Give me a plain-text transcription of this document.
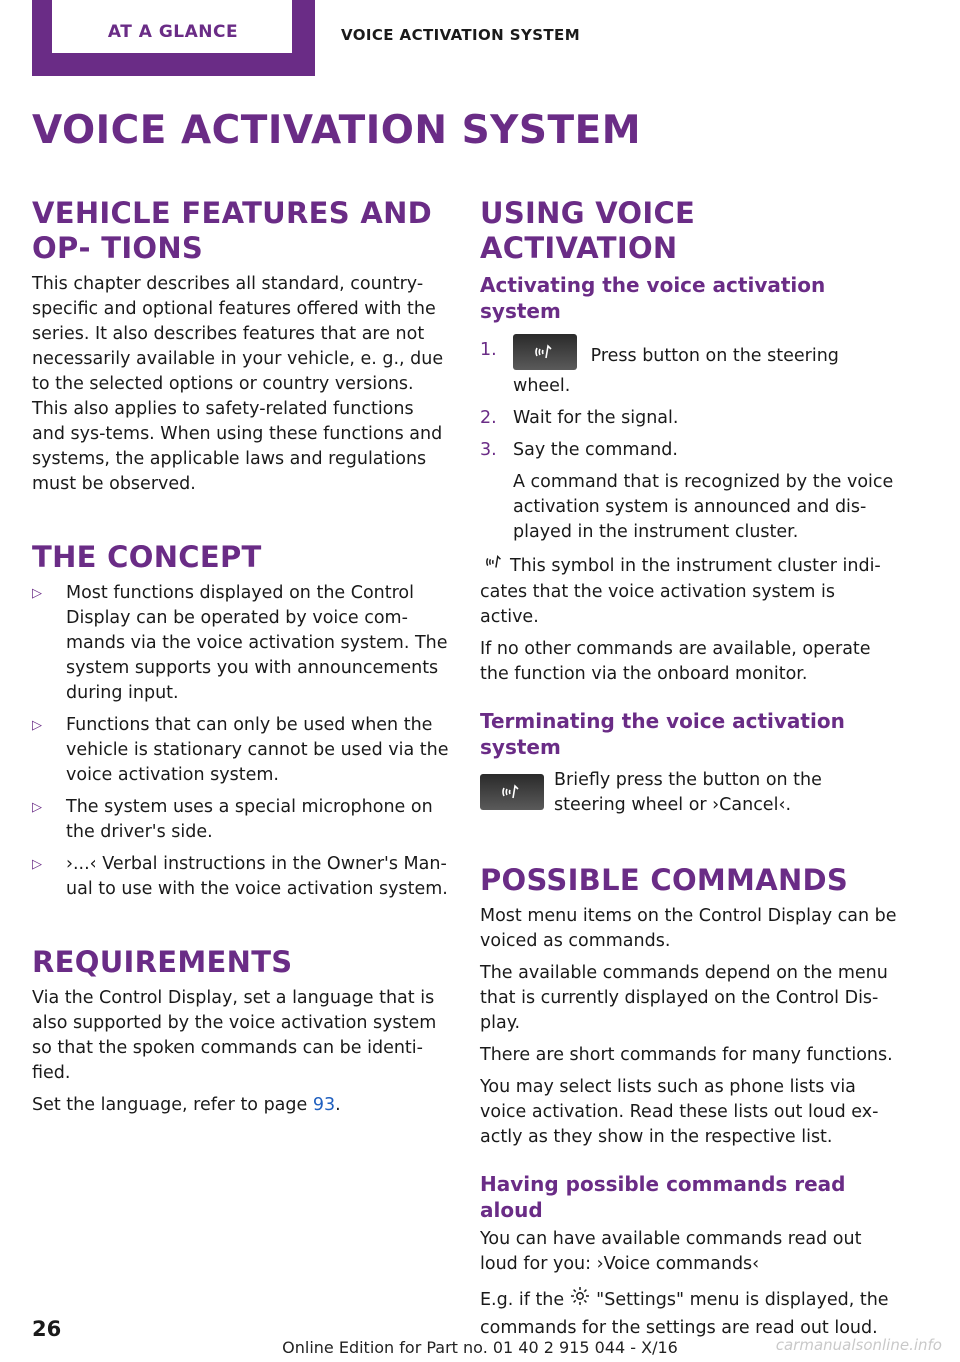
AT A GLANCE	VOICE ACTIVATION SYSTEM
VOICE ACTIVATION SYSTEM
VEHICLE FEATURES AND OP‐ TIONS

This chapter describes all standard, country-specific and optional features offered with the series. It also describes features that are not necessarily available in your vehicle, e. g., due to the selected options or country versions. This also applies to safety-related functions and sys‐tems. When using these functions and systems, the applicable laws and regulations must be observed.

THE CONCEPT
▷ Most functions displayed on the Control Display can be operated by voice com‐mands via the voice activation system. The system supports you with announcements during input.
▷ Functions that can only be used when the vehicle is stationary cannot be used via the voice activation system.
▷ The system uses a special microphone on the driver's side.
▷ ›...‹ Verbal instructions in the Owner's Man‐ual to use with the voice activation system.
REQUIREMENTS

Via the Control Display, set a language that is also supported by the voice activation system so that the spoken commands can be identi‐fied.

Set the language, refer to page 93.

USING VOICE ACTIVATION
Activating the voice activation system
1.	Press button on the steering wheel.
2. Wait for the signal.
3. Say the command.

A command that is recognized by the voice activation system is announced and dis‐played in the instrument cluster.

This symbol in the instrument cluster indi‐cates that the voice activation system is active.

If no other commands are available, operate the function via the onboard monitor.

Terminating the voice activation system
Briefly press the button on the steering wheel or ›Cancel‹.
POSSIBLE COMMANDS

Most menu items on the Control Display can be voiced as commands.

The available commands depend on the menu that is currently displayed on the Control Dis‐play.

There are short commands for many functions.

You may select lists such as phone lists via voice activation. Read these lists out loud ex‐actly as they show in the respective list.

Having possible commands read aloud

You can have available commands read out loud for you: ›Voice commands‹

E.g. if the "Settings" menu is displayed, the commands for the settings are read out loud.

26
Online Edition for Part no. 01 40 2 915 044 - X/16	carmanualsonline.info
